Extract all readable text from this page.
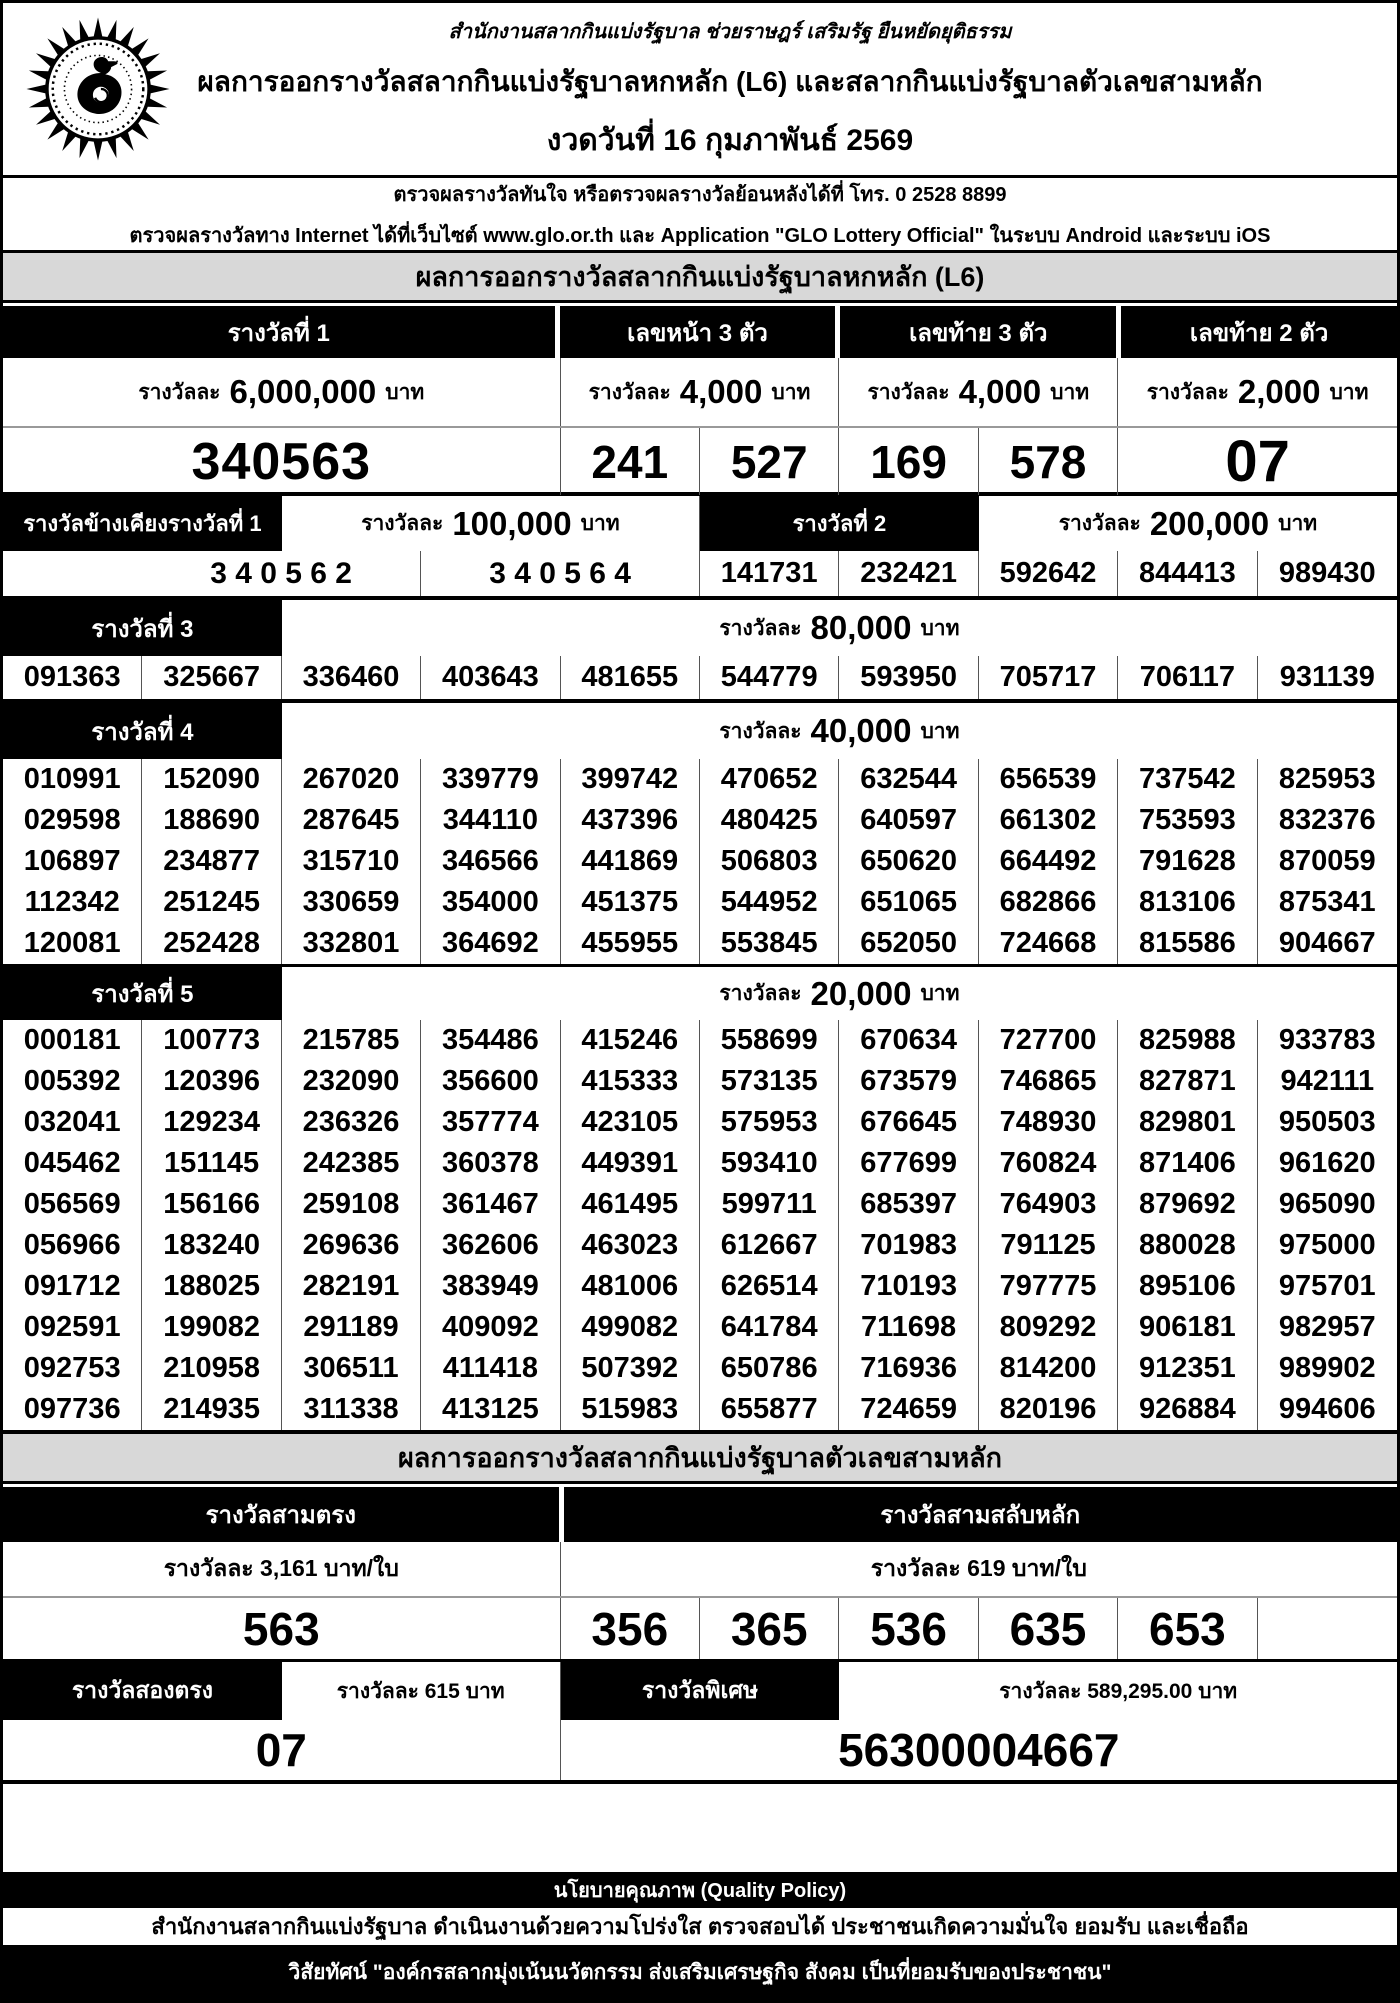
สำนักงานสลากกินแบ่งรัฐบาล ช่วยราษฎร์ เสริมรัฐ ยืนหยัดยุติธรรม
ผลการออกรางวัลสลากกินแบ่งรัฐบาลหกหลัก (L6) และสลากกินแบ่งรัฐบาลตัวเลขสามหลัก
งวดวันที่ 16 กุมภาพันธ์ 2569
ตรวจผลรางวัลทันใจ หรือตรวจผลรางวัลย้อนหลังได้ที่ โทร. 0 2528 8899
ตรวจผลรางวัลทาง Internet ได้ที่เว็บไซต์ www.glo.or.th และ Application "GLO Lottery Official" ในระบบ Android และระบบ iOS
ผลการออกรางวัลสลากกินแบ่งรัฐบาลหกหลัก (L6)
รางวัลที่ 1	เลขหน้า 3 ตัว	เลขท้าย 3 ตัว	เลขท้าย 2 ตัว
รางวัลละ 6,000,000 บาท	รางวัลละ 4,000 บาท	รางวัลละ 4,000 บาท	รางวัลละ 2,000 บาท
340563	241	527	169	578	07
รางวัลข้างเคียงรางวัลที่ 1	รางวัลละ 100,000 บาท	รางวัลที่ 2	รางวัลละ 200,000 บาท
3 4 0 5 6 2	3 4 0 5 6 4	141731	232421	592642	844413	989430
รางวัลที่ 3	รางวัลละ 80,000 บาท
091363	325667	336460	403643	481655	544779	593950	705717	706117	931139
รางวัลที่ 4	รางวัลละ 40,000 บาท
010991	152090	267020	339779	399742	470652	632544	656539	737542	825953
029598	188690	287645	344110	437396	480425	640597	661302	753593	832376
106897	234877	315710	346566	441869	506803	650620	664492	791628	870059
112342	251245	330659	354000	451375	544952	651065	682866	813106	875341
120081	252428	332801	364692	455955	553845	652050	724668	815586	904667
รางวัลที่ 5	รางวัลละ 20,000 บาท
000181	100773	215785	354486	415246	558699	670634	727700	825988	933783
005392	120396	232090	356600	415333	573135	673579	746865	827871	942111
032041	129234	236326	357774	423105	575953	676645	748930	829801	950503
045462	151145	242385	360378	449391	593410	677699	760824	871406	961620
056569	156166	259108	361467	461495	599711	685397	764903	879692	965090
056966	183240	269636	362606	463023	612667	701983	791125	880028	975000
091712	188025	282191	383949	481006	626514	710193	797775	895106	975701
092591	199082	291189	409092	499082	641784	711698	809292	906181	982957
092753	210958	306511	411418	507392	650786	716936	814200	912351	989902
097736	214935	311338	413125	515983	655877	724659	820196	926884	994606
ผลการออกรางวัลสลากกินแบ่งรัฐบาลตัวเลขสามหลัก
รางวัลสามตรง	รางวัลสามสลับหลัก
รางวัลละ 3,161 บาท/ใบ	รางวัลละ 619 บาท/ใบ
563	356	365	536	635	653
รางวัลสองตรง	รางวัลละ 615 บาท	รางวัลพิเศษ	รางวัลละ 589,295.00 บาท
07	56300004667
นโยบายคุณภาพ (Quality Policy)
สำนักงานสลากกินแบ่งรัฐบาล ดำเนินงานด้วยความโปร่งใส ตรวจสอบได้ ประชาชนเกิดความมั่นใจ ยอมรับ และเชื่อถือ
วิสัยทัศน์ "องค์กรสลากมุ่งเน้นนวัตกรรม ส่งเสริมเศรษฐกิจ สังคม เป็นที่ยอมรับของประชาชน"
